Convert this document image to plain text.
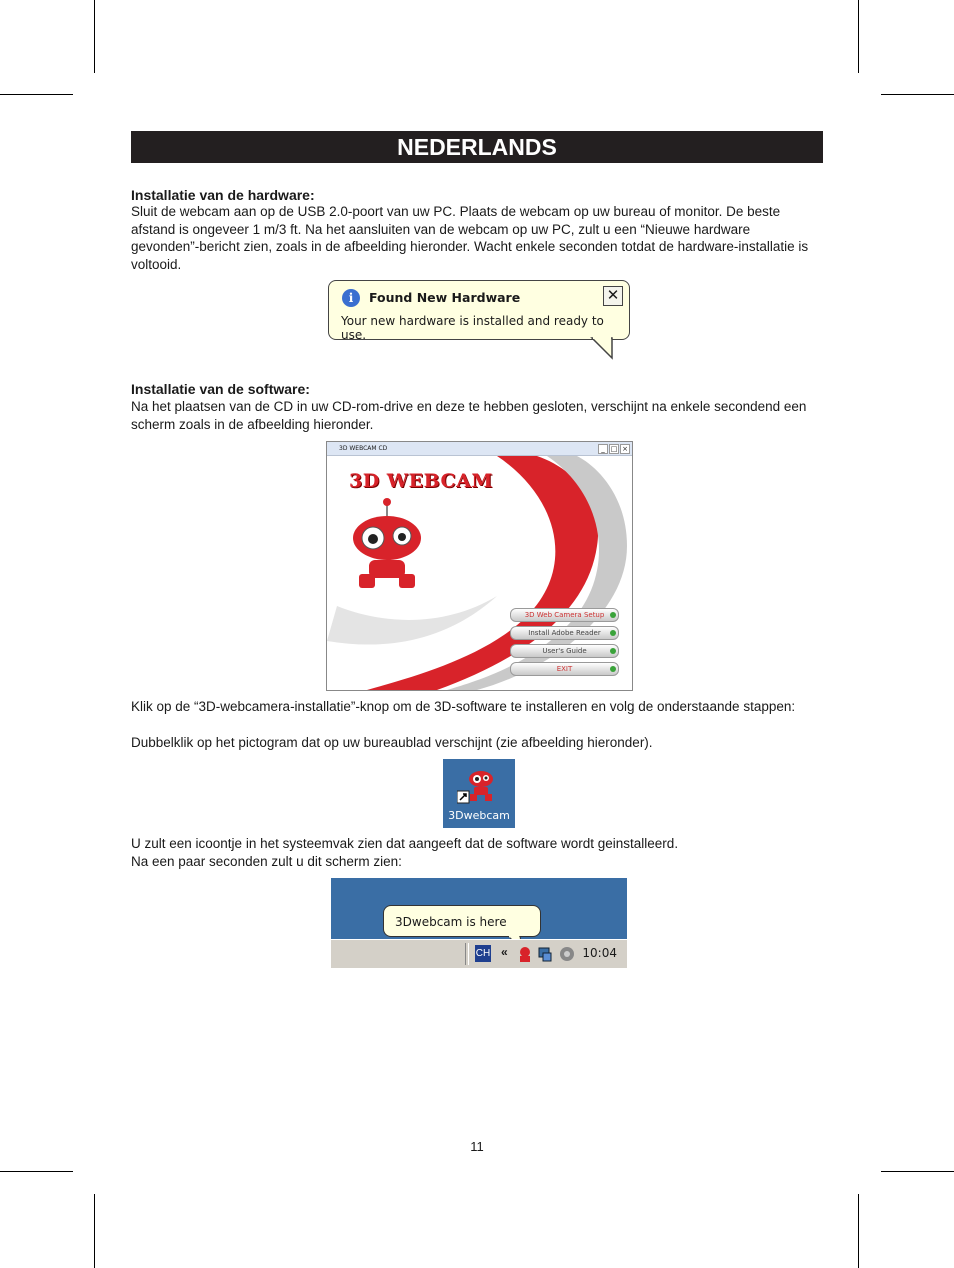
NEDERLANDS
Installatie van de hardware:
Sluit de webcam aan op de USB 2.0-poort van uw PC. Plaats de webcam op uw bureau of monitor. De beste afstand is ongeveer 1 m/3 ft. Na het aansluiten van de webcam op uw PC, zult u een “Nieuwe hardware gevonden”-bericht zien, zoals in de afbeelding hieronder. Wacht enkele seconden totdat de hardware-installatie is voltooid.
i	Found New Hardware	✕
Your new hardware is installed and ready to use.
Installatie van de software:
Na het plaatsen van de CD in uw CD-rom-drive en deze te hebben gesloten, verschijnt na enkele secondend een scherm zoals in de afbeelding hieronder.
3D WEBCAM CD	_ □ ×
3D WEBCAM
3D Web Camera Setup
Install Adobe Reader
User's Guide
EXIT
Klik op de “3D-webcamera-installatie”-knop om de 3D-software te installeren en volg de onderstaande stappen:
Dubbelklik op het pictogram dat op uw bureaublad verschijnt (zie afbeelding hieronder).
3Dwebcam
U zult een icoontje in het systeemvak zien dat aangeeft dat de software wordt geinstalleerd.
Na een paar seconden zult u dit scherm zien:
3Dwebcam is here
CH «	10:04
11
